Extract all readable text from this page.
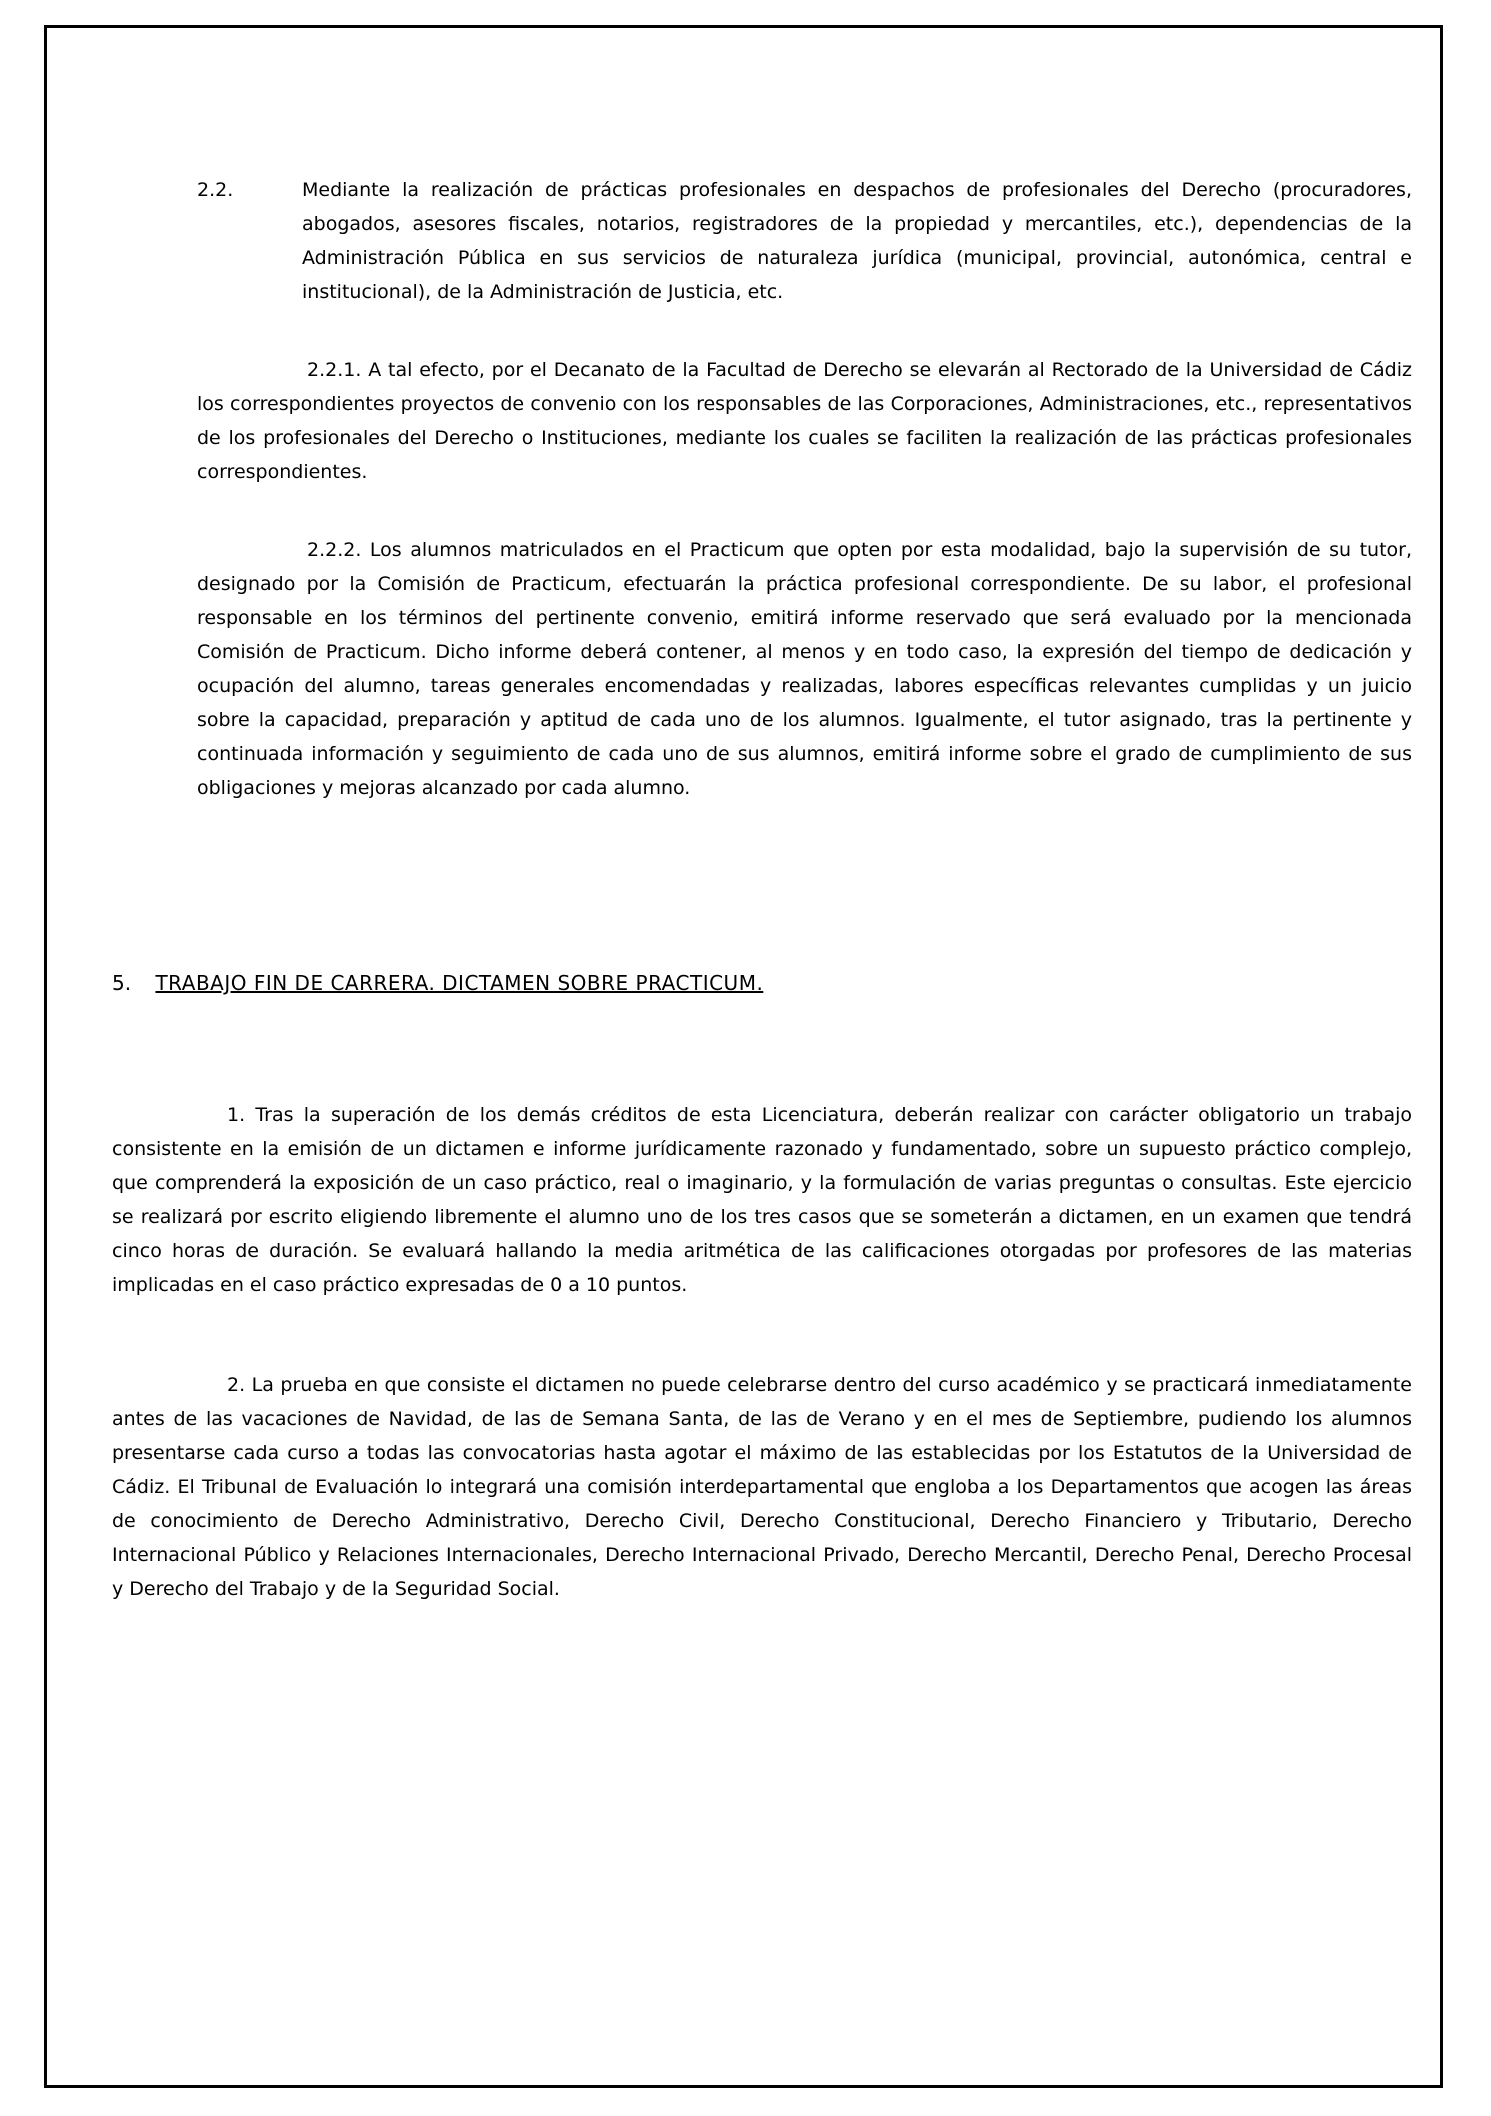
2.2.	Mediante la realización de prácticas profesionales en despachos de profesionales del Derecho (procuradores, abogados, asesores fiscales, notarios, registradores de la propiedad y mercantiles, etc.), dependencias de la Administración Pública en sus servicios de naturaleza jurídica (municipal, provincial, autonómica, central e institucional), de la Administración de Justicia, etc.

2.2.1. A tal efecto, por el Decanato de la Facultad de Derecho se elevarán al Rectorado de la Universidad de Cádiz los correspondientes proyectos de convenio con los responsables de las Corporaciones, Administraciones, etc., representativos de los profesionales del Derecho o Instituciones, mediante los cuales se faciliten la realización de las prácticas profesionales correspondientes.

2.2.2. Los alumnos matriculados en el Practicum que opten por esta modalidad, bajo la supervisión de su tutor, designado por la Comisión de Practicum, efectuarán la práctica profesional correspondiente. De su labor, el profesional responsable en los términos del pertinente convenio, emitirá informe reservado que será evaluado por la mencionada Comisión de Practicum. Dicho informe deberá contener, al menos y en todo caso, la expresión del tiempo de dedicación y ocupación del alumno, tareas generales encomendadas y realizadas, labores específicas relevantes cumplidas y un juicio sobre la capacidad, preparación y aptitud de cada uno de los alumnos. Igualmente, el tutor asignado, tras la pertinente y continuada información y seguimiento de cada uno de sus alumnos, emitirá informe sobre el grado de cumplimiento de sus obligaciones y mejoras alcanzado por cada alumno.

5. TRABAJO FIN DE CARRERA. DICTAMEN SOBRE PRACTICUM.

1. Tras la superación de los demás créditos de esta Licenciatura, deberán realizar con carácter obligatorio un trabajo consistente en la emisión de un dictamen e informe jurídicamente razonado y fundamentado, sobre un supuesto práctico complejo, que comprenderá la exposición de un caso práctico, real o imaginario, y la formulación de varias preguntas o consultas. Este ejercicio se realizará por escrito eligiendo libremente el alumno uno de los tres casos que se someterán a dictamen, en un examen que tendrá cinco horas de duración. Se evaluará hallando la media aritmética de las calificaciones otorgadas por profesores de las materias implicadas en el caso práctico expresadas de 0 a 10 puntos.

2. La prueba en que consiste el dictamen no puede celebrarse dentro del curso académico y se practicará inmediatamente antes de las vacaciones de Navidad, de las de Semana Santa, de las de Verano y en el mes de Septiembre, pudiendo los alumnos presentarse cada curso a todas las convocatorias hasta agotar el máximo de las establecidas por los Estatutos de la Universidad de Cádiz. El Tribunal de Evaluación lo integrará una comisión interdepartamental que engloba a los Departamentos que acogen las áreas de conocimiento de Derecho Administrativo, Derecho Civil, Derecho Constitucional, Derecho Financiero y Tributario, Derecho Internacional Público y Relaciones Internacionales, Derecho Internacional Privado, Derecho Mercantil, Derecho Penal, Derecho Procesal y Derecho del Trabajo y de la Seguridad Social.
